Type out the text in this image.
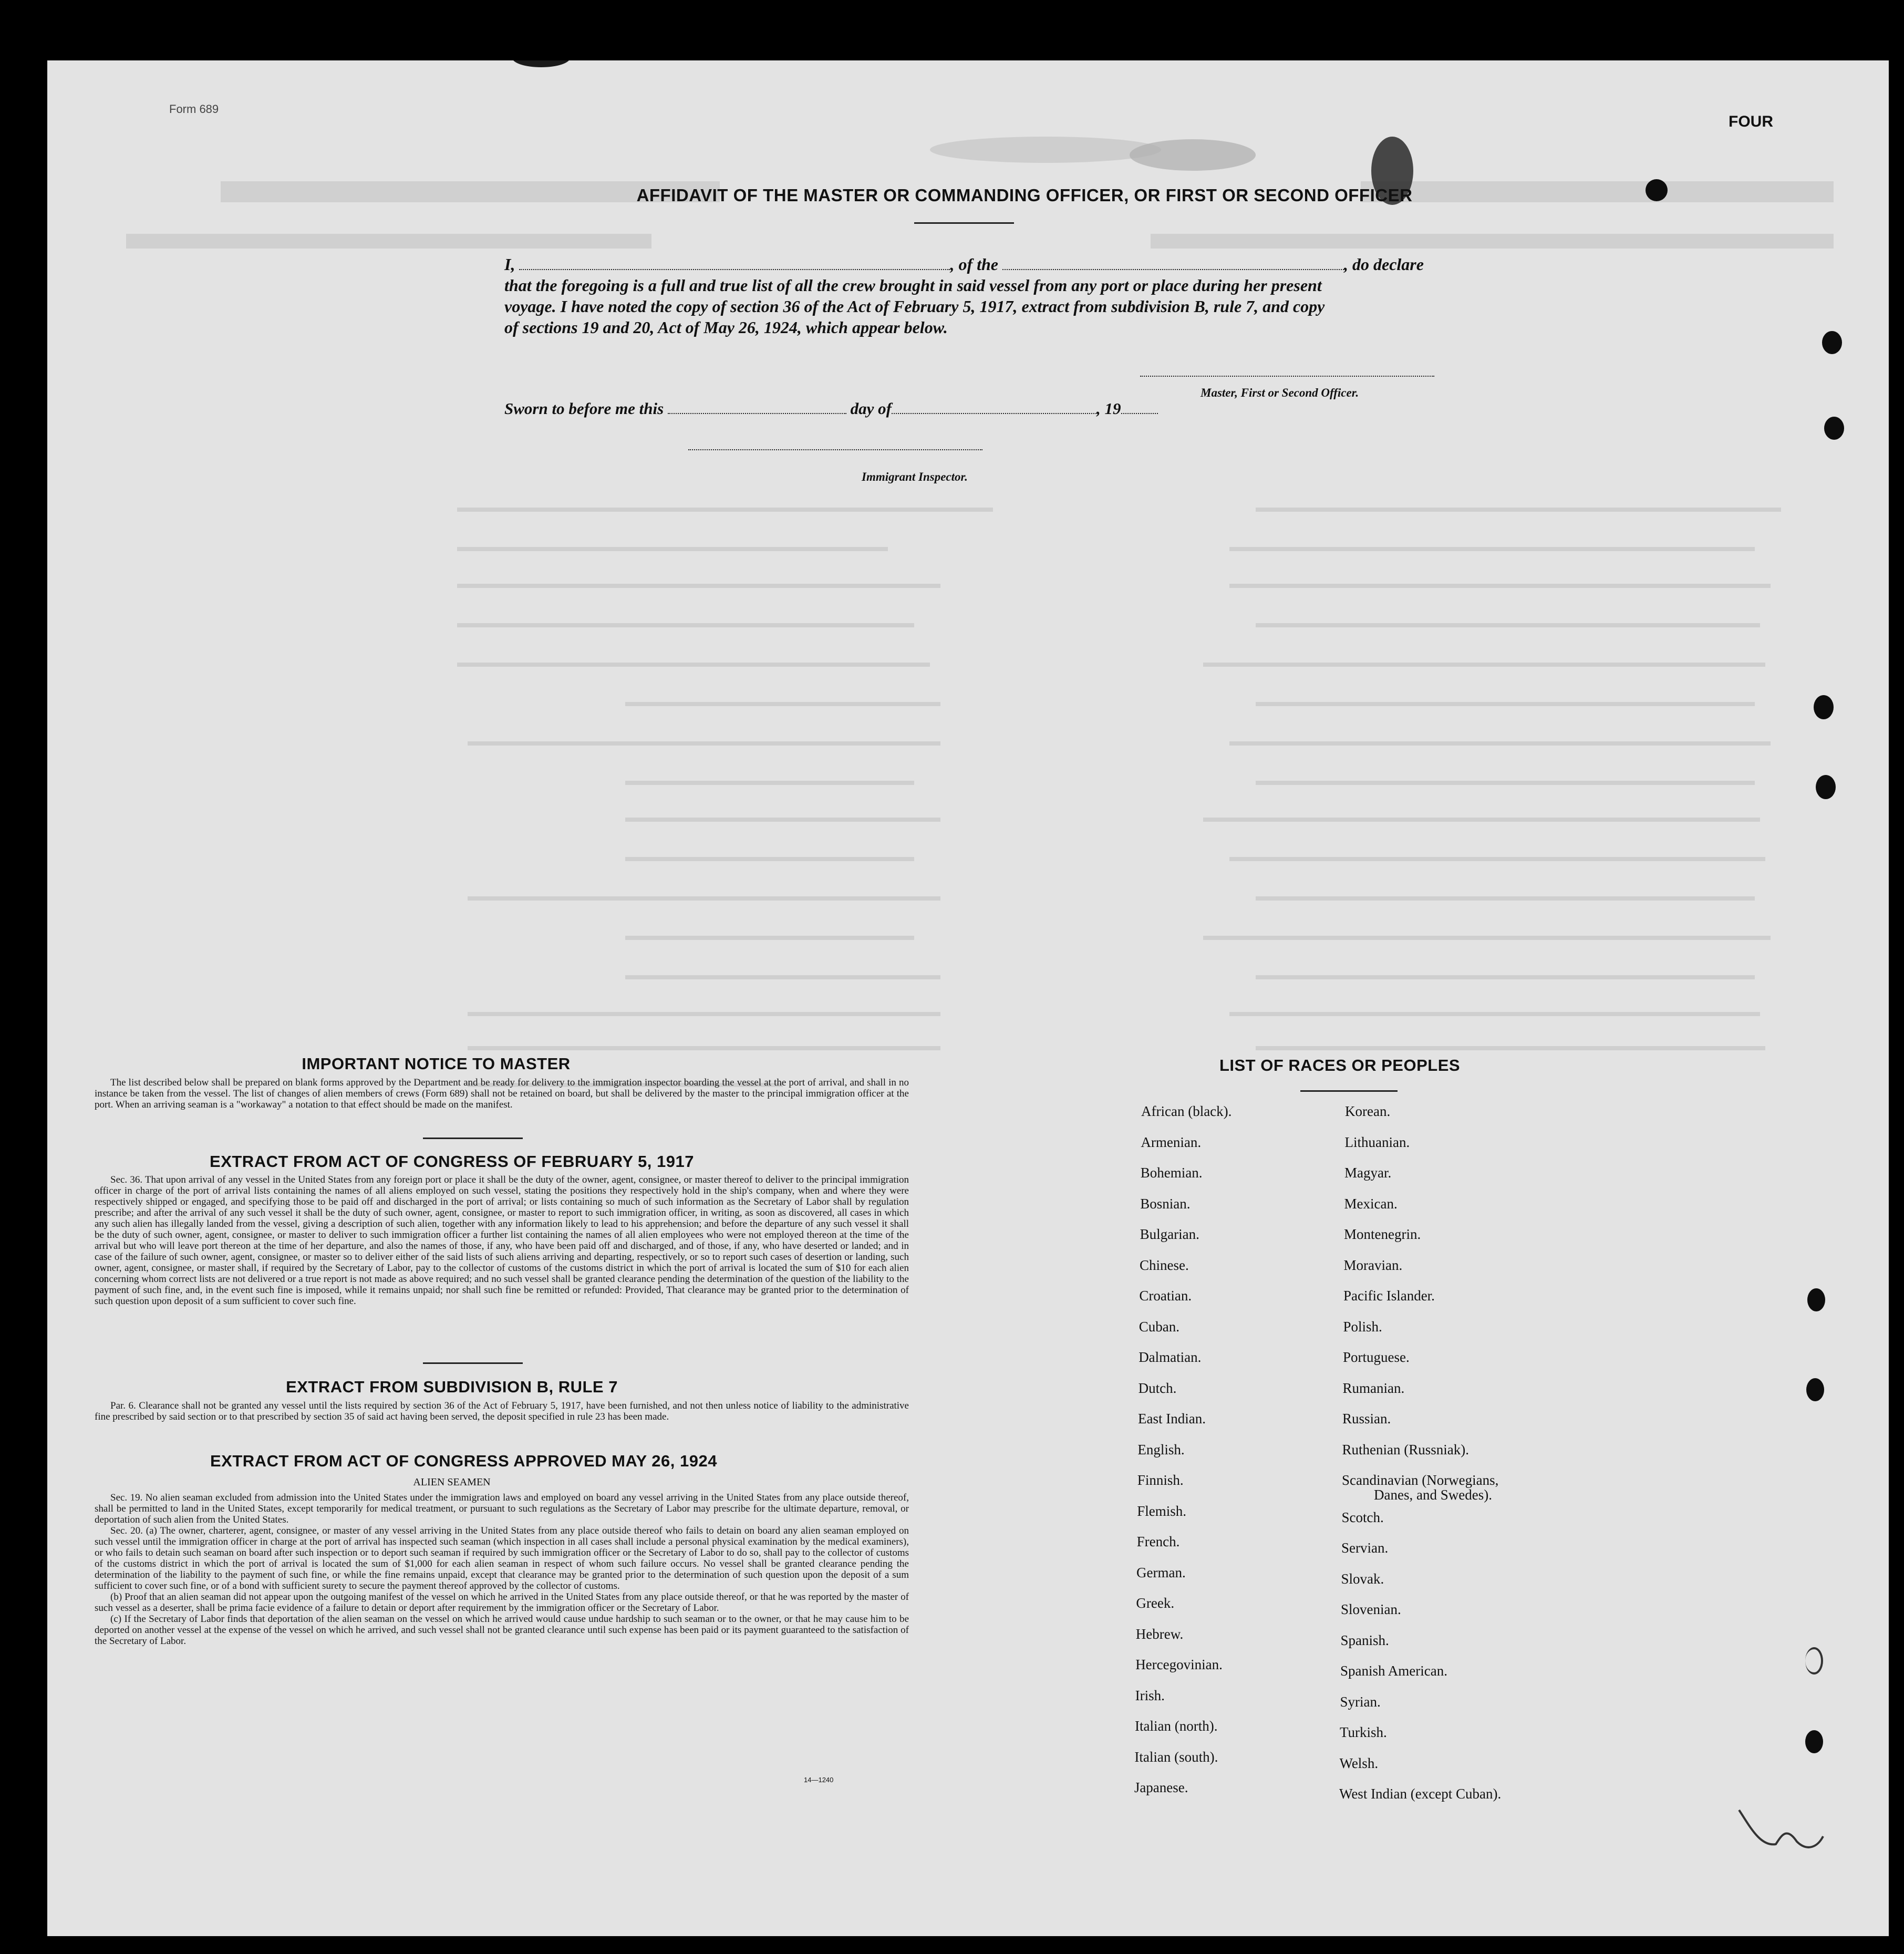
Form 689
FOUR
AFFIDAVIT OF THE MASTER OR COMMANDING OFFICER, OR FIRST OR SECOND OFFICER
I,	, of the	, do declare
that the foregoing is a full and true list of all the crew brought in said vessel from any port or place during her present
voyage. I have noted the copy of section 36 of the Act of February 5, 1917, extract from subdivision B, rule 7, and copy
of sections 19 and 20, Act of May 26, 1924, which appear below.
Master, First or Second Officer.
Sworn to before me this	day of	, 19
Immigrant Inspector.
IMPORTANT NOTICE TO MASTER

The list described below shall be prepared on blank forms approved by the Department and be ready for delivery to the immigration inspector boarding the vessel at the port of arrival, and shall in no instance be taken from the vessel. The list of changes of alien members of crews (Form 689) shall not be retained on board, but shall be delivered by the master to the principal immigration officer at the port. When an arriving seaman is a "workaway" a notation to that effect should be made on the manifest.

EXTRACT FROM ACT OF CONGRESS OF FEBRUARY 5, 1917

Sec. 36. That upon arrival of any vessel in the United States from any foreign port or place it shall be the duty of the owner, agent, consignee, or master thereof to deliver to the principal immigration officer in charge of the port of arrival lists containing the names of all aliens employed on such vessel, stating the positions they respectively hold in the ship's company, when and where they were respectively shipped or engaged, and specifying those to be paid off and discharged in the port of arrival; or lists containing so much of such information as the Secretary of Labor shall by regulation prescribe; and after the arrival of any such vessel it shall be the duty of such owner, agent, consignee, or master to report to such immigration officer, in writing, as soon as discovered, all cases in which any such alien has illegally landed from the vessel, giving a description of such alien, together with any information likely to lead to his apprehension; and before the departure of any such vessel it shall be the duty of such owner, agent, consignee, or master to deliver to such immigration officer a further list containing the names of all alien employees who were not employed thereon at the time of the arrival but who will leave port thereon at the time of her departure, and also the names of those, if any, who have been paid off and discharged, and of those, if any, who have deserted or landed; and in case of the failure of such owner, agent, consignee, or master so to deliver either of the said lists of such aliens arriving and departing, respectively, or so to report such cases of desertion or landing, such owner, agent, consignee, or master shall, if required by the Secretary of Labor, pay to the collector of customs of the customs district in which the port of arrival is located the sum of $10 for each alien concerning whom correct lists are not delivered or a true report is not made as above required; and no such vessel shall be granted clearance pending the determination of the question of the liability to the payment of such fine, and, in the event such fine is imposed, while it remains unpaid; nor shall such fine be remitted or refunded: Provided, That clearance may be granted prior to the determination of such question upon deposit of a sum sufficient to cover such fine.

EXTRACT FROM SUBDIVISION B, RULE 7

Par. 6. Clearance shall not be granted any vessel until the lists required by section 36 of the Act of February 5, 1917, have been furnished, and not then unless notice of liability to the administrative fine prescribed by said section or to that prescribed by section 35 of said act having been served, the deposit specified in rule 23 has been made.

EXTRACT FROM ACT OF CONGRESS APPROVED MAY 26, 1924
ALIEN SEAMEN

Sec. 19. No alien seaman excluded from admission into the United States under the immigration laws and employed on board any vessel arriving in the United States from any place outside thereof, shall be permitted to land in the United States, except temporarily for medical treatment, or pursuant to such regulations as the Secretary of Labor may prescribe for the ultimate departure, removal, or deportation of such alien from the United States.

Sec. 20. (a) The owner, charterer, agent, consignee, or master of any vessel arriving in the United States from any place outside thereof who fails to detain on board any alien seaman employed on such vessel until the immigration officer in charge at the port of arrival has inspected such seaman (which inspection in all cases shall include a personal physical examination by the medical examiners), or who fails to detain such seaman on board after such inspection or to deport such seaman if required by such immigration officer or the Secretary of Labor to do so, shall pay to the collector of customs of the customs district in which the port of arrival is located the sum of $1,000 for each alien seaman in respect of whom such failure occurs. No vessel shall be granted clearance pending the determination of the liability to the payment of such fine, or while the fine remains unpaid, except that clearance may be granted prior to the determination of such question upon the deposit of a sum sufficient to cover such fine, or of a bond with sufficient surety to secure the payment thereof approved by the collector of customs.

(b) Proof that an alien seaman did not appear upon the outgoing manifest of the vessel on which he arrived in the United States from any place outside thereof, or that he was reported by the master of such vessel as a deserter, shall be prima facie evidence of a failure to detain or deport after requirement by the immigration officer or the Secretary of Labor.

(c) If the Secretary of Labor finds that deportation of the alien seaman on the vessel on which he arrived would cause undue hardship to such seaman or to the owner, or that he may cause him to be deported on another vessel at the expense of the vessel on which he arrived, and such vessel shall not be granted clearance until such expense has been paid or its payment guaranteed to the satisfaction of the Secretary of Labor.

14—1240
LIST OF RACES OR PEOPLES
African (black).
Armenian.
Bohemian.
Bosnian.
Bulgarian.
Chinese.
Croatian.
Cuban.
Dalmatian.
Dutch.
East Indian.
English.
Finnish.
Flemish.
French.
German.
Greek.
Hebrew.
Hercegovinian.
Irish.
Italian (north).
Italian (south).
Japanese.
Korean.
Lithuanian.
Magyar.
Mexican.
Montenegrin.
Moravian.
Pacific Islander.
Polish.
Portuguese.
Rumanian.
Russian.
Ruthenian (Russniak).
Scandinavian (Norwegians,
Scotch.
Servian.
Slovak.
Slovenian.
Spanish.
Spanish American.
Syrian.
Turkish.
Welsh.
West Indian (except Cuban).
Danes, and Swedes).
